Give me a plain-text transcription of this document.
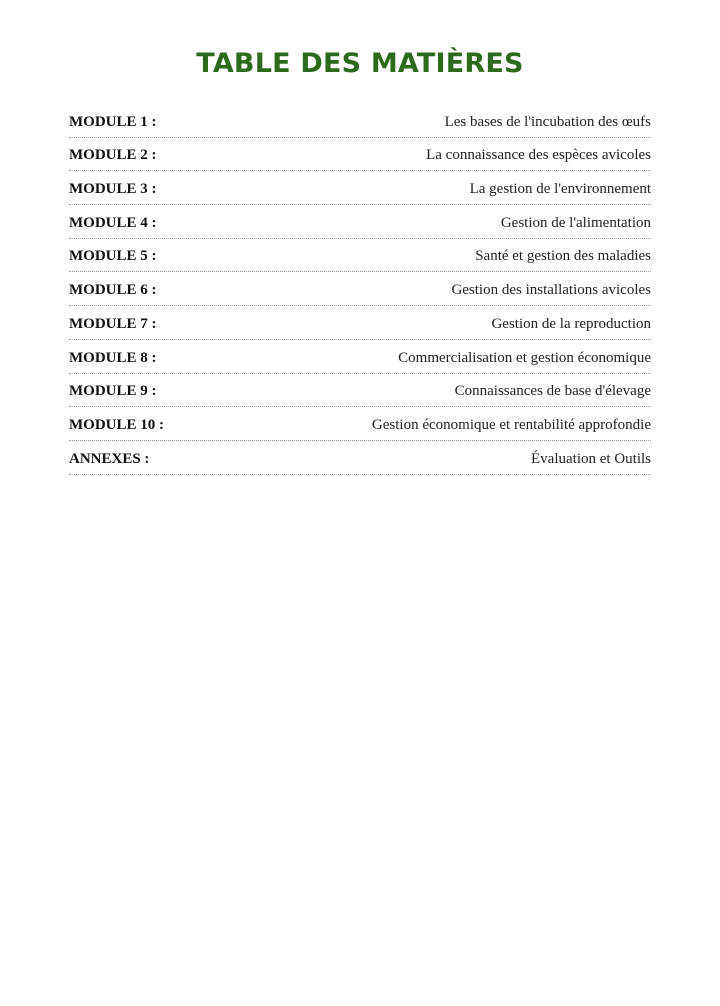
TABLE DES MATIÈRES
MODULE 1 :	Les bases de l'incubation des œufs
MODULE 2 :	La connaissance des espèces avicoles
MODULE 3 :	La gestion de l'environnement
MODULE 4 :	Gestion de l'alimentation
MODULE 5 :	Santé et gestion des maladies
MODULE 6 :	Gestion des installations avicoles
MODULE 7 :	Gestion de la reproduction
MODULE 8 :	Commercialisation et gestion économique
MODULE 9 :	Connaissances de base d'élevage
MODULE 10 :	Gestion économique et rentabilité approfondie
ANNEXES :	Évaluation et Outils
